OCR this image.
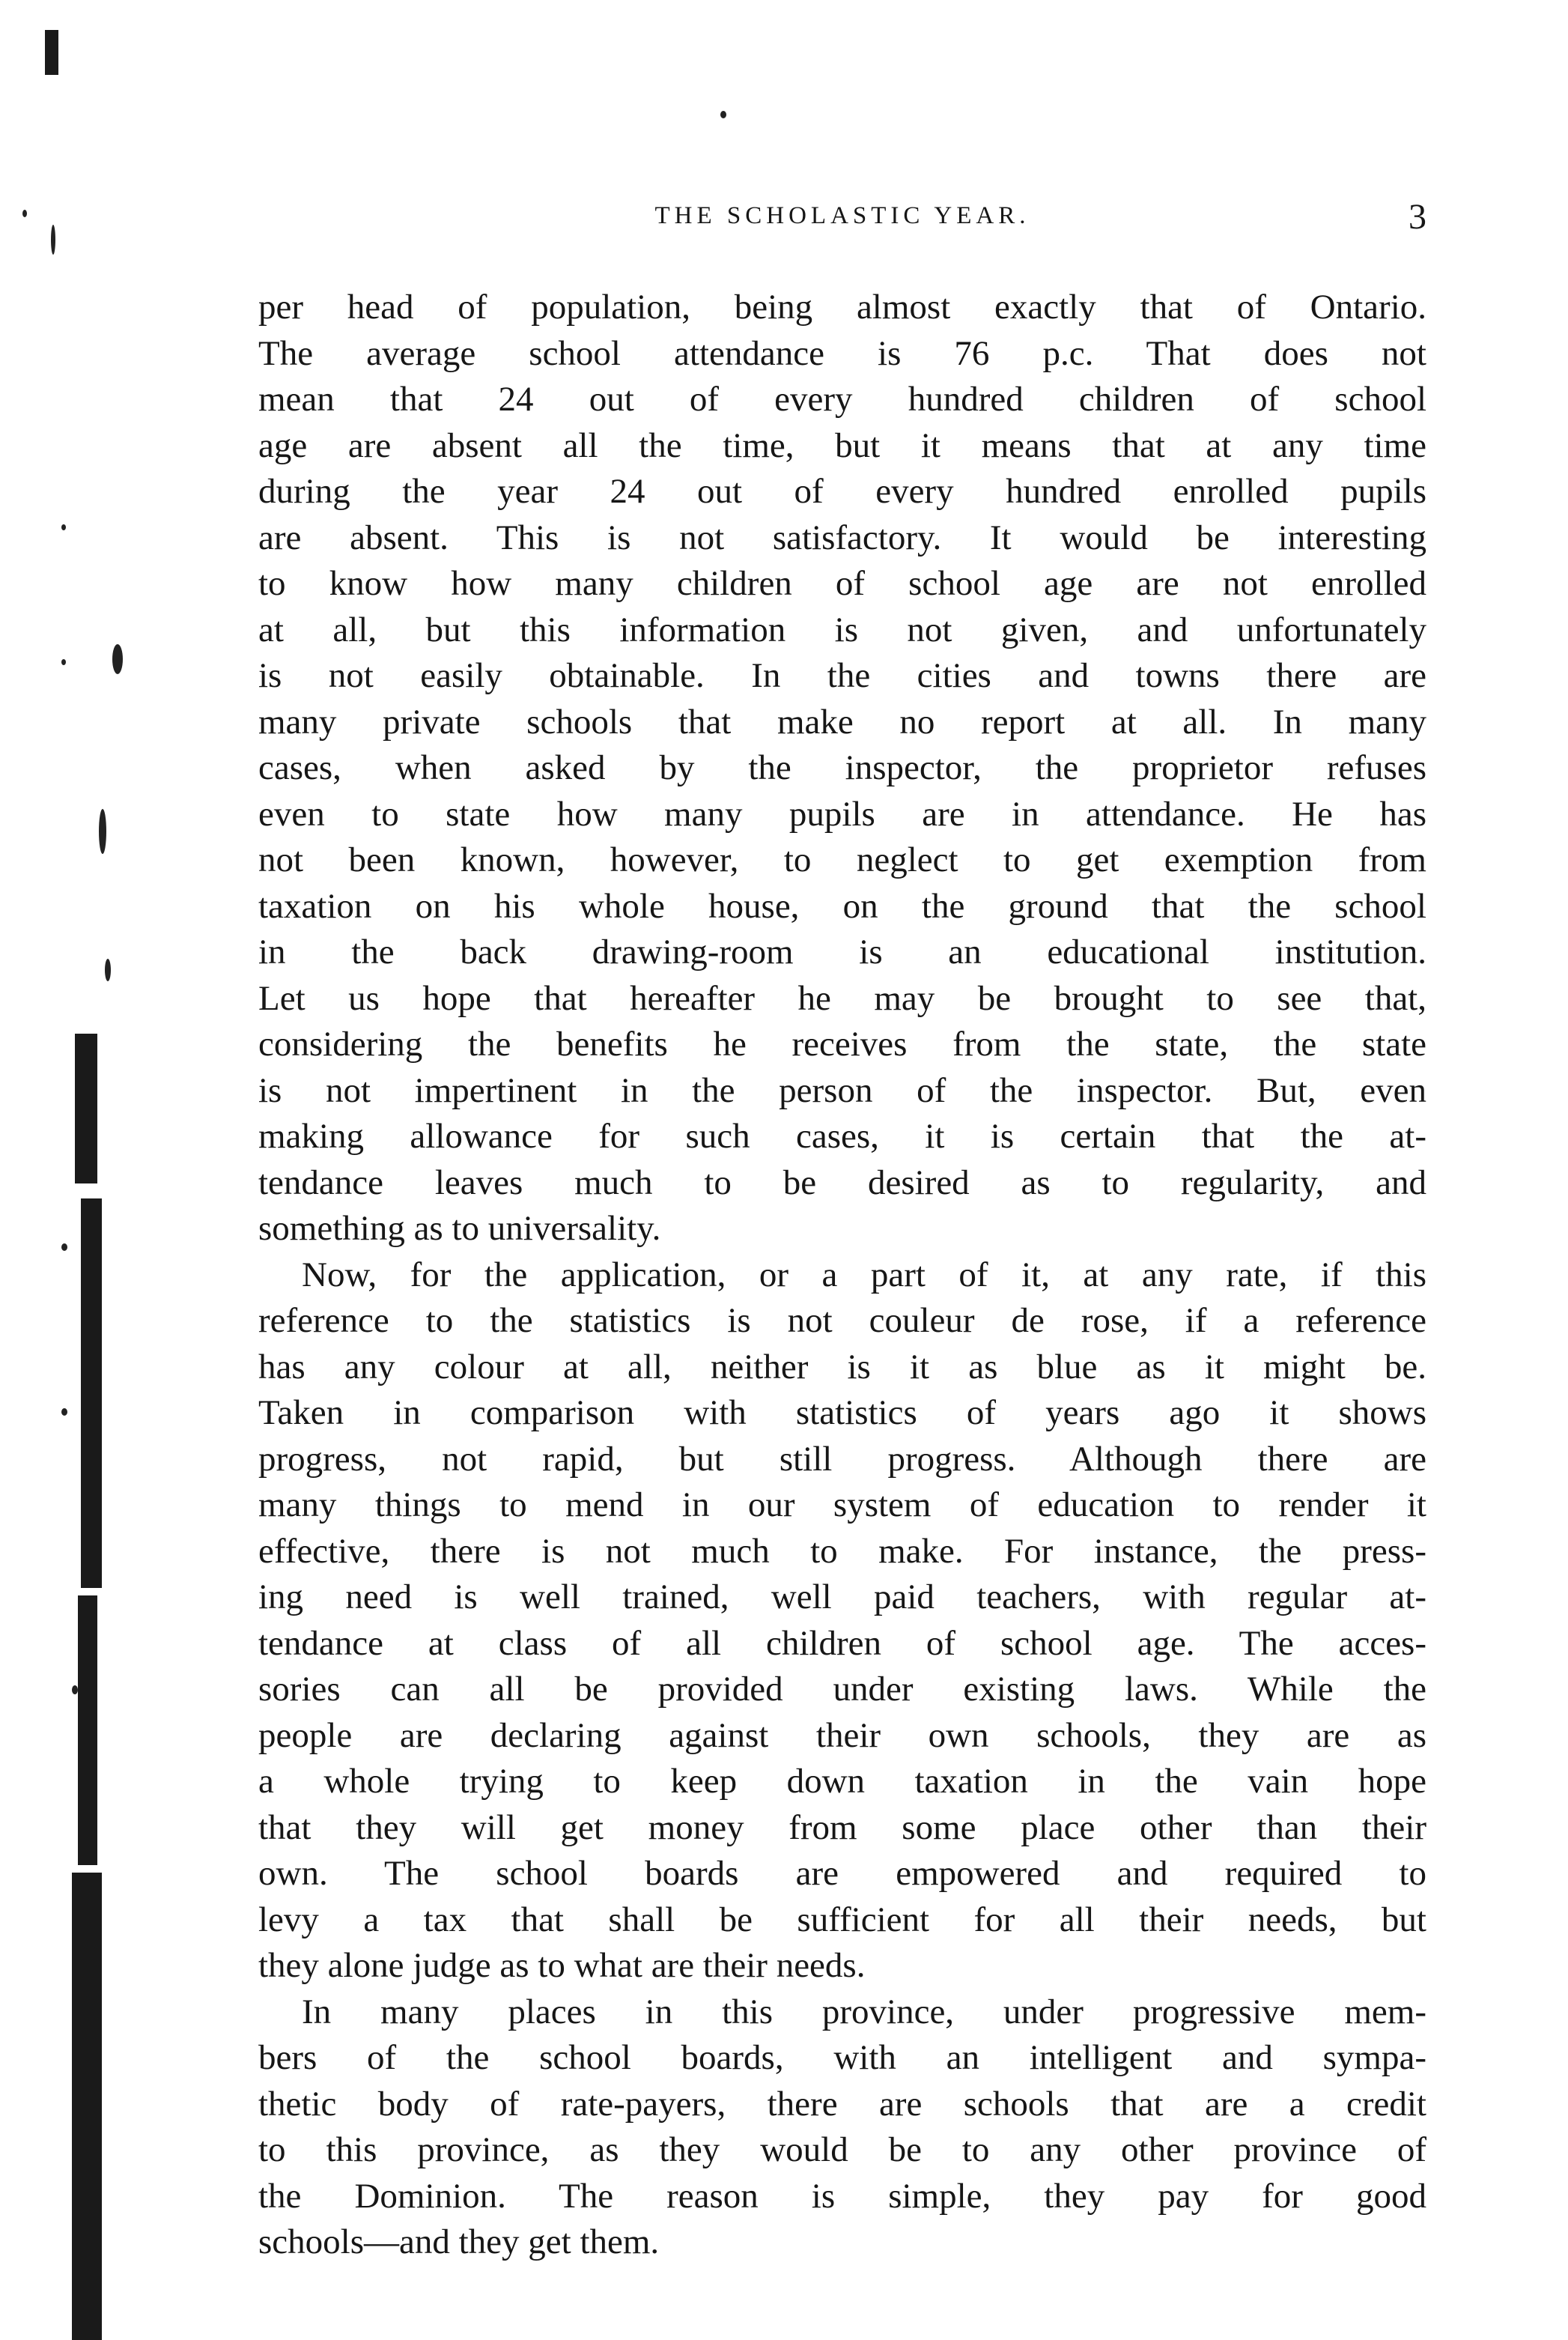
THE SCHOLASTIC YEAR.	3

per head of population, being almost exactly that of Ontario.
The average school attendance is 76 p.c. That does not
mean that 24 out of every hundred children of school
age are absent all the time, but it means that at any time
during the year 24 out of every hundred enrolled pupils
are absent. This is not satisfactory. It would be interesting
to know how many children of school age are not enrolled
at all, but this information is not given, and unfortunately
is not easily obtainable. In the cities and towns there are
many private schools that make no report at all. In many
cases, when asked by the inspector, the proprietor refuses
even to state how many pupils are in attendance. He has
not been known, however, to neglect to get exemption from
taxation on his whole house, on the ground that the school
in the back drawing-room is an educational institution.
Let us hope that hereafter he may be brought to see that,
considering the benefits he receives from the state, the state
is not impertinent in the person of the inspector. But, even
making allowance for such cases, it is certain that the at-
tendance leaves much to be desired as to regularity, and
something as to universality.

Now, for the application, or a part of it, at any rate, if this
reference to the statistics is not couleur de rose, if a reference
has any colour at all, neither is it as blue as it might be.
Taken in comparison with statistics of years ago it shows
progress, not rapid, but still progress. Although there are
many things to mend in our system of education to render it
effective, there is not much to make. For instance, the press-
ing need is well trained, well paid teachers, with regular at-
tendance at class of all children of school age. The acces-
sories can all be provided under existing laws. While the
people are declaring against their own schools, they are as
a whole trying to keep down taxation in the vain hope
that they will get money from some place other than their
own. The school boards are empowered and required to
levy a tax that shall be sufficient for all their needs, but
they alone judge as to what are their needs.

In many places in this province, under progressive mem-
bers of the school boards, with an intelligent and sympa-
thetic body of rate-payers, there are schools that are a credit
to this province, as they would be to any other province of
the Dominion. The reason is simple, they pay for good
schools—and they get them.
